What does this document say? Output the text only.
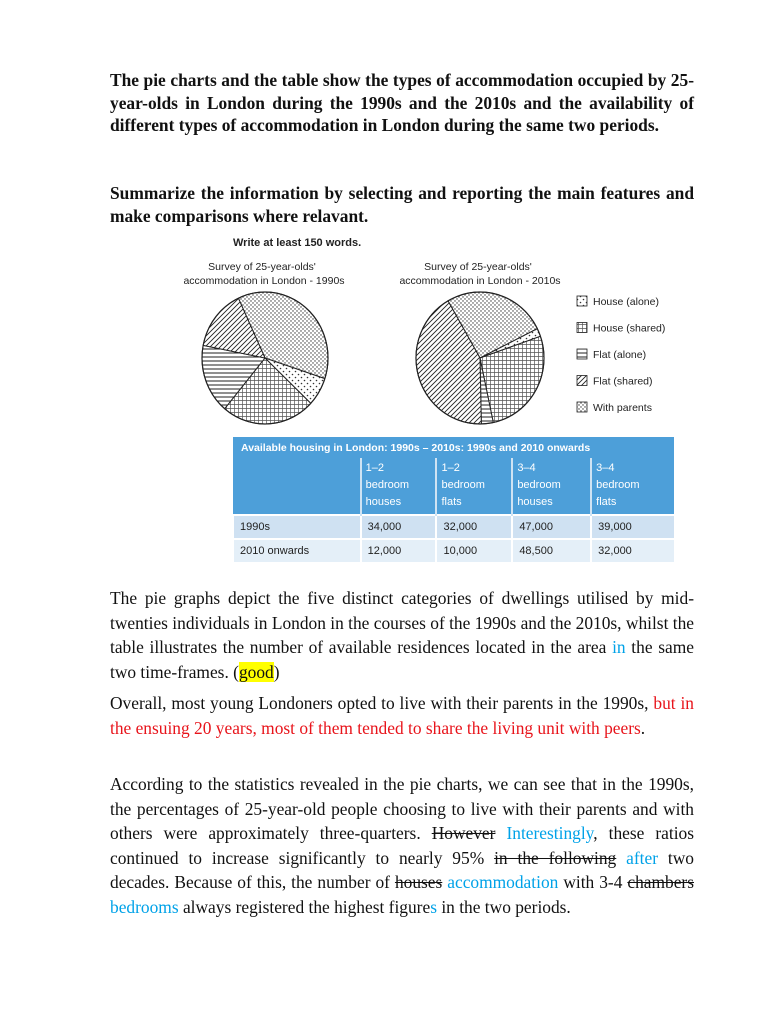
The pie charts and the table show the types of accommodation occupied by 25-year-olds in London during the 1990s and the 2010s and the availability of different types of accommodation in London during the same two periods.

Summarize the information by selecting and reporting the main features and make comparisons where relavant.

Write at least 150 words.
Survey of 25-year-olds'
accommodation in London - 1990s
Survey of 25-year-olds'
accommodation in London - 2010s
House (alone)
House (shared)
Flat (alone)
Flat (shared)
With parents
Available housing in London: 1990s – 2010s: 1990s and 2010 onwards				
	1–2
bedroom
houses	1–2
bedroom
flats	3–4
bedroom
houses	3–4
bedroom
flats
1990s	34,000	32,000	47,000	39,000
2010 onwards	12,000	10,000	48,500	32,000

The pie graphs depict the five distinct categories of dwellings utilised by mid-twenties individuals in London in the courses of the 1990s and the 2010s, whilst the table illustrates the number of available residences located in the area in the same two time-frames. (good)

Overall, most young Londoners opted to live with their parents in the 1990s, but in the ensuing 20 years, most of them tended to share the living unit with peers.

According to the statistics revealed in the pie charts, we can see that in the 1990s, the percentages of 25-year-old people choosing to live with their parents and with others were approximately three-quarters. However Interestingly, these ratios continued to increase significantly to nearly 95% in the following after two decades. Because of this, the number of houses accommodation with 3-4 chambers bedrooms always registered the highest figures in the two periods.
